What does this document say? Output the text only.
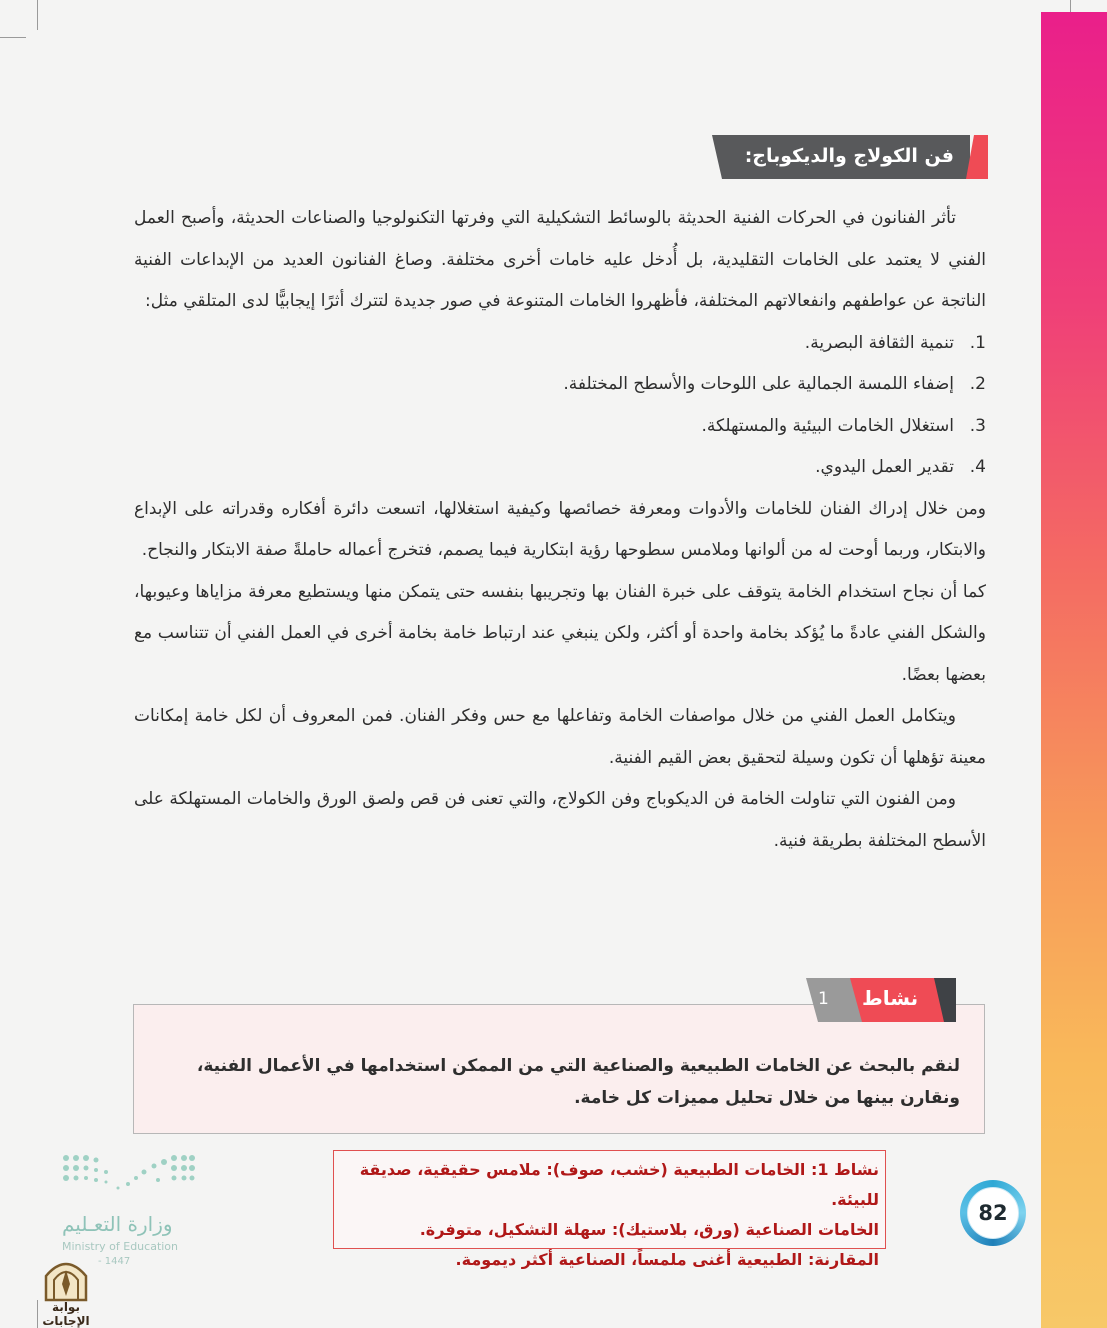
فن الكولاج والديكوباج:

تأثر الفنانون في الحركات الفنية الحديثة بالوسائط التشكيلية التي وفرتها التكنولوجيا والصناعات الحديثة، وأصبح العمل الفني لا يعتمد على الخامات التقليدية، بل أُدخل عليه خامات أخرى مختلفة. وصاغ الفنانون العديد من الإبداعات الفنية الناتجة عن عواطفهم وانفعالاتهم المختلفة، فأظهروا الخامات المتنوعة في صور جديدة لتترك أثرًا إيجابيًّا لدى المتلقي مثل:

1.
تنمية الثقافة البصرية.
2.
إضفاء اللمسة الجمالية على اللوحات والأسطح المختلفة.
3.
استغلال الخامات البيئية والمستهلكة.
4.
تقدير العمل اليدوي.

ومن خلال إدراك الفنان للخامات والأدوات ومعرفة خصائصها وكيفية استغلالها، اتسعت دائرة أفكاره وقدراته على الإبداع والابتكار، وربما أوحت له من ألوانها وملامس سطوحها رؤية ابتكارية فيما يصمم، فتخرج أعماله حاملةً صفة الابتكار والنجاح.

كما أن نجاح استخدام الخامة يتوقف على خبرة الفنان بها وتجريبها بنفسه حتى يتمكن منها ويستطيع معرفة مزاياها وعيوبها، والشكل الفني عادةً ما يُؤكد بخامة واحدة أو أكثر، ولكن ينبغي عند ارتباط خامة بخامة أخرى في العمل الفني أن تتناسب مع بعضها بعضًا.

ويتكامل العمل الفني من خلال مواصفات الخامة وتفاعلها مع حس وفكر الفنان. فمن المعروف أن لكل خامة إمكانات معينة تؤهلها أن تكون وسيلة لتحقيق بعض القيم الفنية.

ومن الفنون التي تناولت الخامة فن الديكوباج وفن الكولاج، والتي تعنى فن قص ولصق الورق والخامات المستهلكة على الأسطح المختلفة بطريقة فنية.

1 نشاط
لنقم بالبحث عن الخامات الطبيعية والصناعية التي من الممكن استخدامها في الأعمال الفنية، ونقارن بينها من خلال تحليل مميزات كل خامة.
نشاط 1: الخامات الطبيعية (خشب، صوف): ملامس حقيقية، صديقة للبيئة.
الخامات الصناعية (ورق، بلاستيك): سهلة التشكيل، متوفرة.
المقارنة: الطبيعية أغنى ملمساً، الصناعية أكثر ديمومة.
82
وزارة التعـليم
Ministry of Education
- 1447
بوابة الإجابات
